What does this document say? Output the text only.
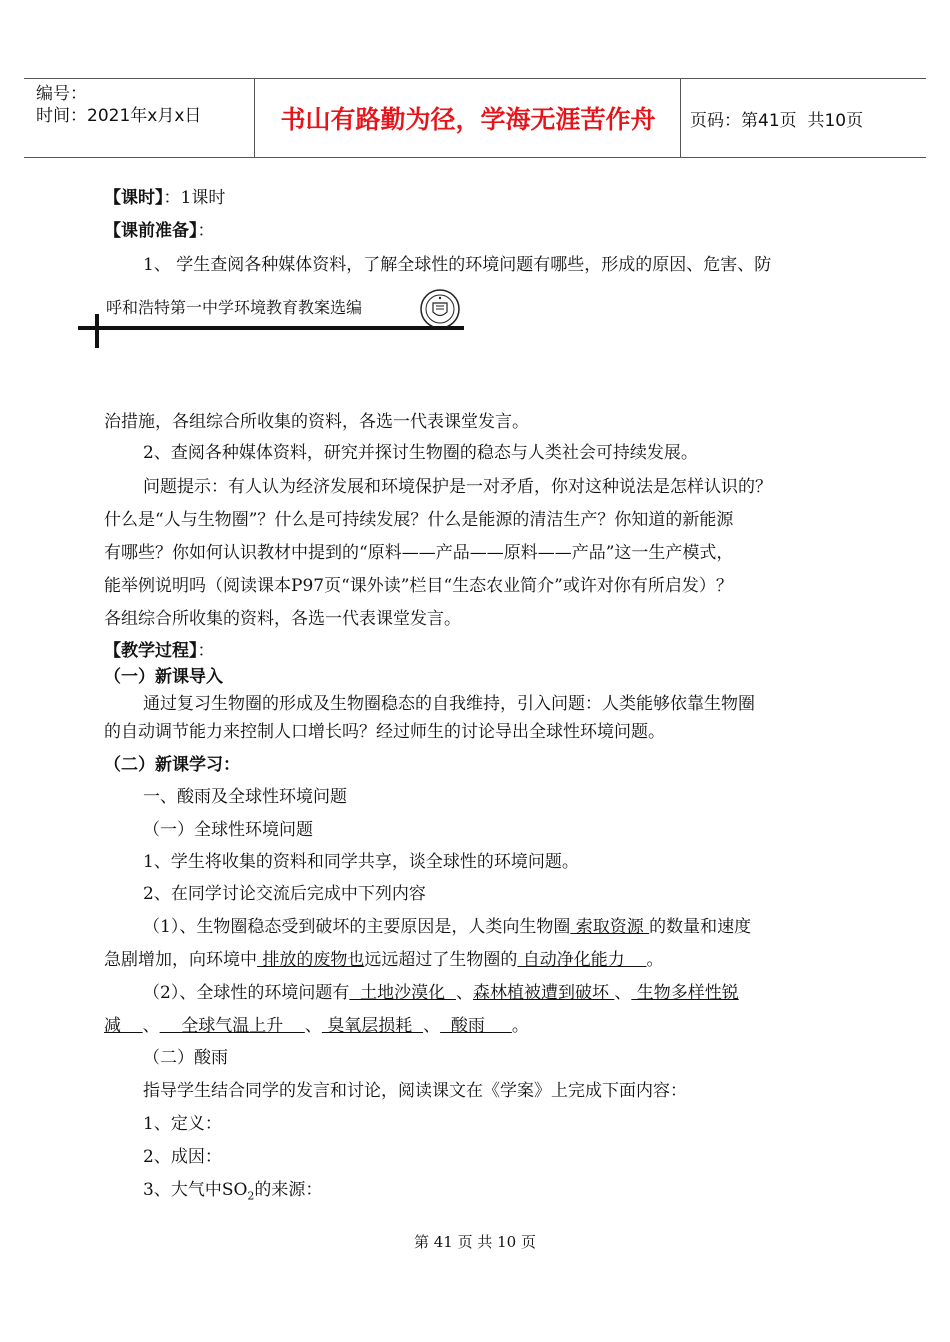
编号：
时间：2021年x月x日	书山有路勤为径，学海无涯苦作舟	页码：第41页  共10页
【课时】：1课时
【课前准备】：
1、 学生查阅各种媒体资料，了解全球性的环境问题有哪些，形成的原因、危害、防
呼和浩特第一中学环境教育教案选编
治措施，各组综合所收集的资料，各选一代表课堂发言。
2、查阅各种媒体资料，研究并探讨生物圈的稳态与人类社会可持续发展。
问题提示：有人认为经济发展和环境保护是一对矛盾，你对这种说法是怎样认识的？
什么是“人与生物圈”？什么是可持续发展？什么是能源的清洁生产？你知道的新能源
有哪些？你如何认识教材中提到的“原料——产品——原料——产品”这一生产模式，
能举例说明吗（阅读课本P97页“课外读”栏目“生态农业简介”或许对你有所启发）？
各组综合所收集的资料，各选一代表课堂发言。
【教学过程】：
（一）新课导入
通过复习生物圈的形成及生物圈稳态的自我维持，引入问题：人类能够依靠生物圈
的自动调节能力来控制人口增长吗？经过师生的讨论导出全球性环境问题。
（二）新课学习：
一、酸雨及全球性环境问题
（一）全球性环境问题
1、学生将收集的资料和同学共享，谈全球性的环境问题。
2、在同学讨论交流后完成中下列内容
（1）、生物圈稳态受到破坏的主要原因是，人类向生物圈 索取资源 的数量和速度
急剧增加，向环境中 排放的废物也远远超过了生物圈的 自动净化能力    。
（2）、全球性的环境问题有  土地沙漠化  、森林植被遭到破坏 、 生物多样性锐
减    、    全球气温上升    、 臭氧层损耗  、  酸雨     。
（二）酸雨
指导学生结合同学的发言和讨论，阅读课文在《学案》上完成下面内容：
1、定义：
2、成因：
3、大气中$SO_2$的来源：
第 41 页 共 10 页
